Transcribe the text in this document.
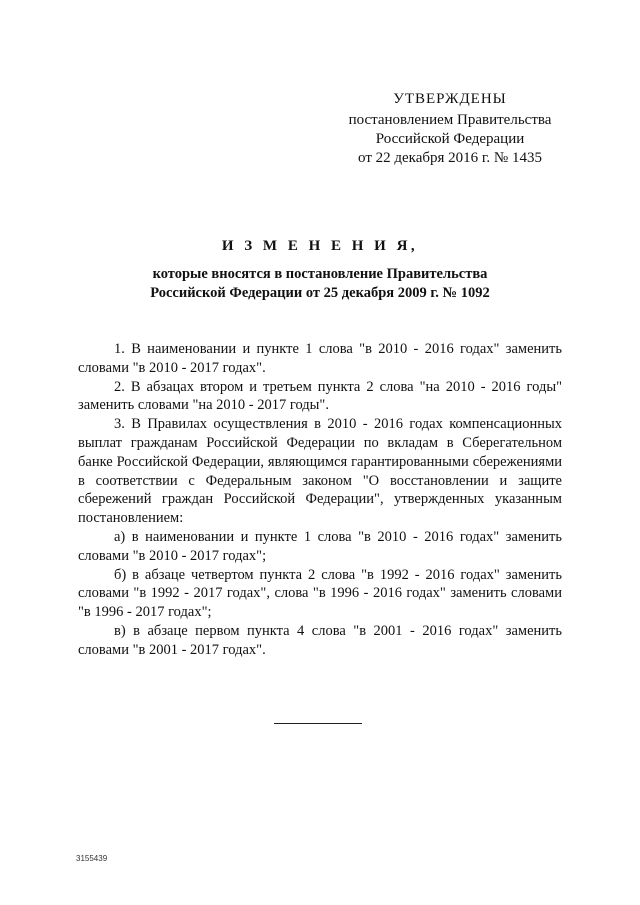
УТВЕРЖДЕНЫ
постановлением Правительства
Российской Федерации
от 22 декабря 2016 г. № 1435
И З М Е Н Е Н И Я,
которые вносятся в постановление Правительства
Российской Федерации от 25 декабря 2009 г. № 1092

1. В наименовании и пункте 1 слова "в 2010 - 2016 годах" заменить словами "в 2010 - 2017 годах".

2. В абзацах втором и третьем пункта 2 слова "на 2010 - 2016 годы" заменить словами "на 2010 - 2017 годы".

3. В Правилах осуществления в 2010 - 2016 годах компенсационных выплат гражданам Российской Федерации по вкладам в Сберегательном банке Российской Федерации, являющимся гарантированными сбережениями в соответствии с Федеральным законом "О восстановлении и защите сбережений граждан Российской Федерации", утвержденных указанным постановлением:

а) в наименовании и пункте 1 слова "в 2010 - 2016 годах" заменить словами "в 2010 - 2017 годах";

б) в абзаце четвертом пункта 2 слова "в 1992 - 2016 годах" заменить словами "в 1992 - 2017 годах", слова "в 1996 - 2016 годах" заменить словами "в 1996 - 2017 годах";

в) в абзаце первом пункта 4 слова "в 2001 - 2016 годах" заменить словами "в 2001 - 2017 годах".

3155439
